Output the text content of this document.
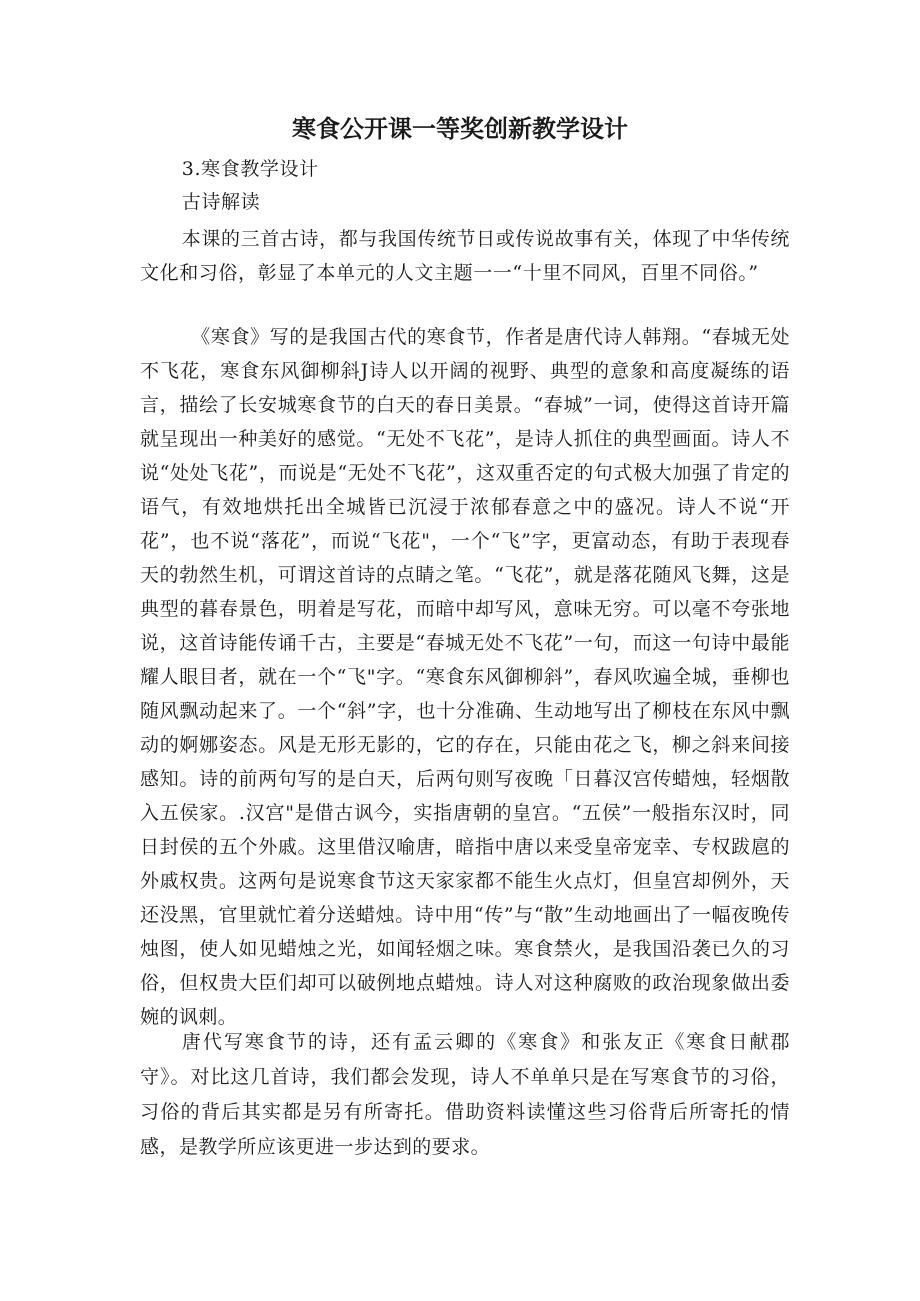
寒食公开课一等奖创新教学设计
3.寒食教学设计
古诗解读

本课的三首古诗，都与我国传统节日或传说故事有关，体现了中华传统文化和习俗，彰显了本单元的人文主题一一“十里不同风，百里不同俗。”

《寒食》写的是我国古代的寒食节，作者是唐代诗人韩翔。“春城无处不飞花，寒食东风御柳斜J诗人以开阔的视野、典型的意象和高度凝练的语言，描绘了长安城寒食节的白天的春日美景。“春城”一词，使得这首诗开篇就呈现出一种美好的感觉。“无处不飞花”，是诗人抓住的典型画面。诗人不说“处处飞花”，而说是“无处不飞花”，这双重否定的句式极大加强了肯定的语气，有效地烘托出全城皆已沉浸于浓郁春意之中的盛况。诗人不说“开花”，也不说“落花”，而说“飞花"，一个“飞”字，更富动态，有助于表现春天的勃然生机，可谓这首诗的点睛之笔。“飞花”，就是落花随风飞舞，这是典型的暮春景色，明着是写花，而暗中却写风，意味无穷。可以毫不夸张地说，这首诗能传诵千古，主要是“春城无处不飞花”一句，而这一句诗中最能耀人眼目者，就在一个“飞"字。“寒食东风御柳斜”，春风吹遍全城，垂柳也随风飘动起来了。一个“斜”字，也十分准确、生动地写出了柳枝在东风中飘动的婀娜姿态。风是无形无影的，它的存在，只能由花之飞，柳之斜来间接感知。诗的前两句写的是白天，后两句则写夜晚「日暮汉宫传蜡烛，轻烟散入五侯家。.汉宫"是借古讽今，实指唐朝的皇宫。“五侯”一般指东汉时，同日封侯的五个外戚。这里借汉喻唐，暗指中唐以来受皇帝宠幸、专权跋扈的外戚权贵。这两句是说寒食节这天家家都不能生火点灯，但皇宫却例外，天还没黑，官里就忙着分送蜡烛。诗中用“传”与“散”生动地画出了一幅夜晚传烛图，使人如见蜡烛之光，如闻轻烟之味。寒食禁火，是我国沿袭已久的习俗，但权贵大臣们却可以破例地点蜡烛。诗人对这种腐败的政治现象做出委婉的讽刺。

唐代写寒食节的诗，还有孟云卿的《寒食》和张友正《寒食日献郡守》。对比这几首诗，我们都会发现，诗人不单单只是在写寒食节的习俗，习俗的背后其实都是另有所寄托。借助资料读懂这些习俗背后所寄托的情感，是教学所应该更进一步达到的要求。
